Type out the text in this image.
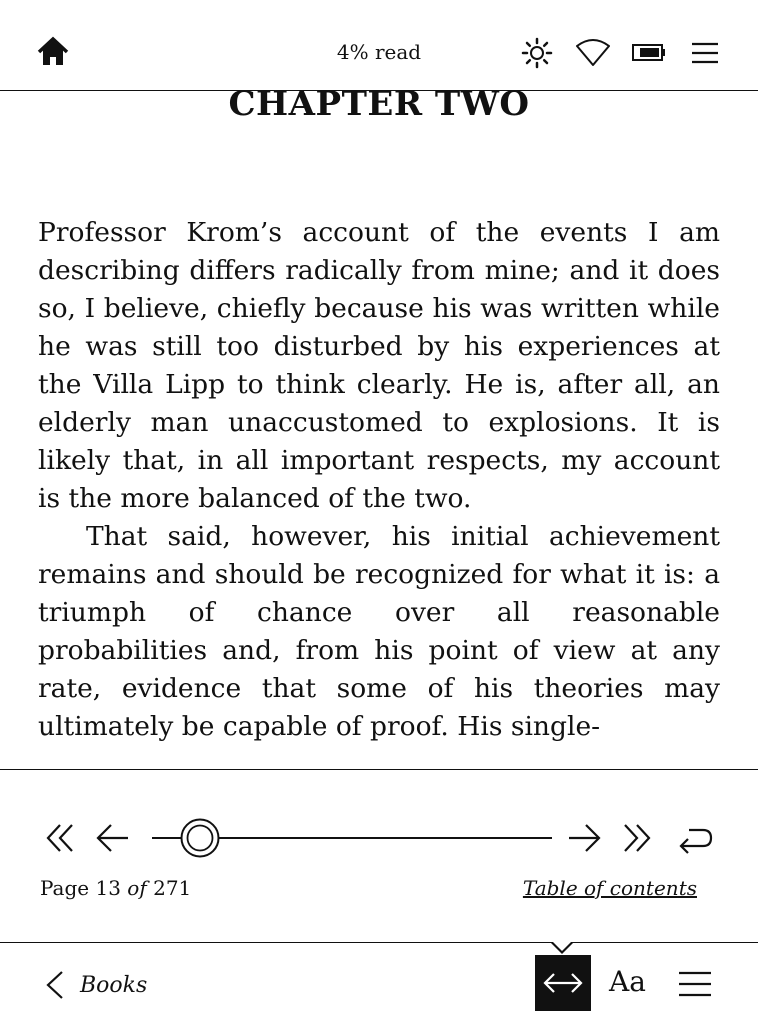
4% read
CHAPTER TWO

Professor Krom’s account of the events I am describing differs radically from mine; and it does so, I believe, chiefly because his was written while he was still too disturbed by his experiences at the Villa Lipp to think clearly. He is, after all, an elderly man unaccustomed to explosions. It is likely that, in all important respects, my account is the more balanced of the two.

That said, however, his initial achievement remains and should be recognized for what it is: a triumph of chance over all reasonable probabilities and, from his point of view at any rate, evidence that some of his theories may ultimately be capable of proof. His single-

Page 13 of 271	Table of contents
Books	Aa
